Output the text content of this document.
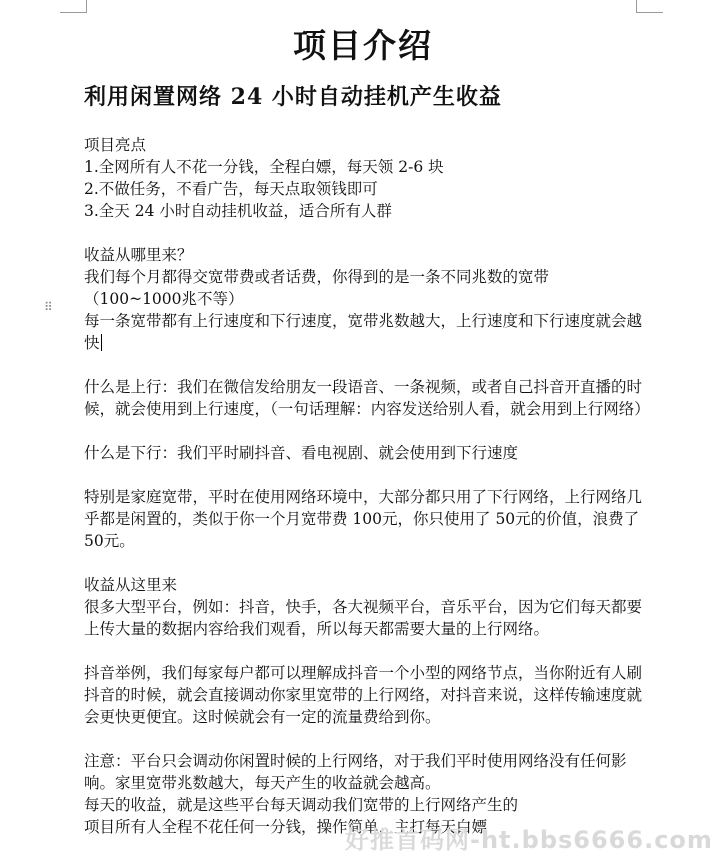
项目介绍
利用闲置网络 24 小时自动挂机产生收益
⠿

项目亮点

1.全网所有人不花一分钱，全程白嫖，每天领 2-6 块

2.不做任务，不看广告，每天点取领钱即可

3.全天 24 小时自动挂机收益，适合所有人群

收益从哪里来？

我们每个月都得交宽带费或者话费，你得到的是一条不同兆数的宽带（100~1000兆不等）

每一条宽带都有上行速度和下行速度，宽带兆数越大，上行速度和下行速度就会越快

什么是上行：我们在微信发给朋友一段语音、一条视频，或者自己抖音开直播的时候，就会使用到上行速度，（一句话理解：内容发送给别人看，就会用到上行网络）

什么是下行：我们平时刷抖音、看电视剧、就会使用到下行速度

特别是家庭宽带，平时在使用网络环境中，大部分都只用了下行网络，上行网络几乎都是闲置的，类似于你一个月宽带费 100元，你只使用了 50元的价值，浪费了 50元。

收益从这里来

很多大型平台，例如：抖音，快手，各大视频平台，音乐平台，因为它们每天都要上传大量的数据内容给我们观看，所以每天都需要大量的上行网络。

抖音举例，我们每家每户都可以理解成抖音一个小型的网络节点，当你附近有人刷抖音的时候，就会直接调动你家里宽带的上行网络，对抖音来说，这样传输速度就会更快更便宜。这时候就会有一定的流量费给到你。

注意：平台只会调动你闲置时候的上行网络，对于我们平时使用网络没有任何影响。家里宽带兆数越大，每天产生的收益就会越高。

每天的收益，就是这些平台每天调动我们宽带的上行网络产生的

项目所有人全程不花任何一分钱，操作简单，主打每天白嫖

好推首码网-ht.bbs6666.com
